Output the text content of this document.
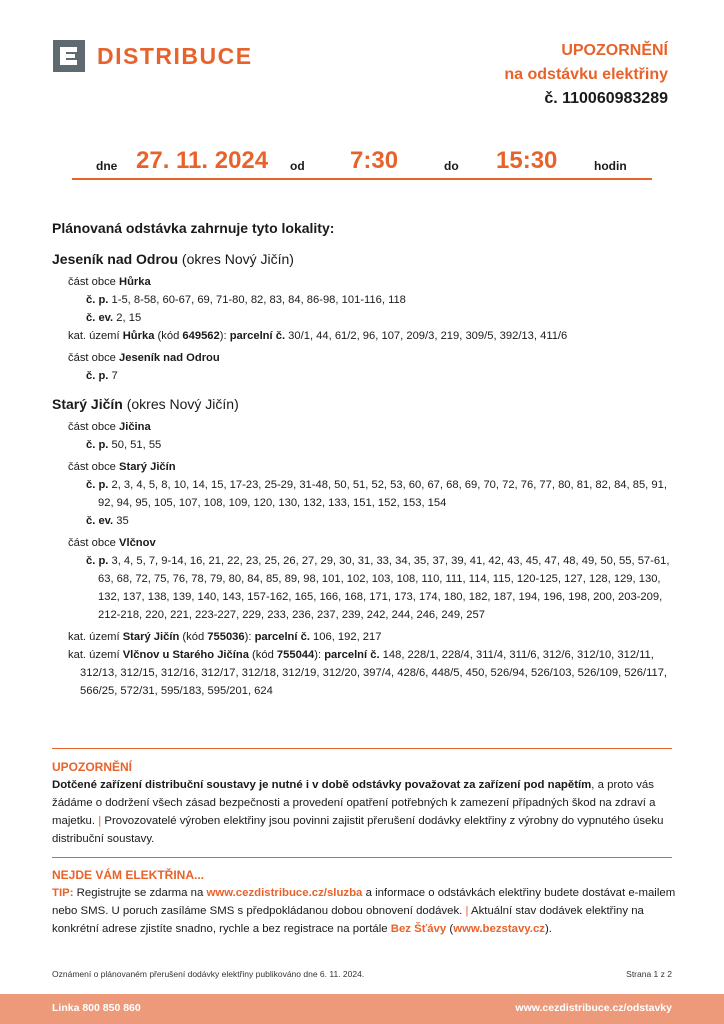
DISTRIBUCE	UPOZORNĚNÍ
na odstávku elektřiny
č. 110060983289
dne 27. 11. 2024 od 7:30	do 15:30	hodin
Plánovaná odstávka zahrnuje tyto lokality:
Jeseník nad Odrou (okres Nový Jičín)
část obce Hůrka
č. p. 1-5, 8-58, 60-67, 69, 71-80, 82, 83, 84, 86-98, 101-116, 118
č. ev. 2, 15
kat. území Hůrka (kód 649562): parcelní č. 30/1, 44, 61/2, 96, 107, 209/3, 219, 309/5, 392/13, 411/6
část obce Jeseník nad Odrou
č. p. 7
Starý Jičín (okres Nový Jičín)
část obce Jičina
č. p. 50, 51, 55
část obce Starý Jičín
č. p. 2, 3, 4, 5, 8, 10, 14, 15, 17-23, 25-29, 31-48, 50, 51, 52, 53, 60, 67, 68, 69, 70, 72, 76, 77, 80, 81, 82, 84, 85, 91, 92, 94, 95, 105, 107, 108, 109, 120, 130, 132, 133, 151, 152, 153, 154
č. ev. 35
část obce Vlčnov
č. p. 3, 4, 5, 7, 9-14, 16, 21, 22, 23, 25, 26, 27, 29, 30, 31, 33, 34, 35, 37, 39, 41, 42, 43, 45, 47, 48, 49, 50, 55, 57-61, 63, 68, 72, 75, 76, 78, 79, 80, 84, 85, 89, 98, 101, 102, 103, 108, 110, 111, 114, 115, 120-125, 127, 128, 129, 130, 132, 137, 138, 139, 140, 143, 157-162, 165, 166, 168, 171, 173, 174, 180, 182, 187, 194, 196, 198, 200, 203-209, 212-218, 220, 221, 223-227, 229, 233, 236, 237, 239, 242, 244, 246, 249, 257
kat. území Starý Jičín (kód 755036): parcelní č. 106, 192, 217
kat. území Vlčnov u Starého Jičína (kód 755044): parcelní č. 148, 228/1, 228/4, 311/4, 311/6, 312/6, 312/10, 312/11, 312/13, 312/15, 312/16, 312/17, 312/18, 312/19, 312/20, 397/4, 428/6, 448/5, 450, 526/94, 526/103, 526/109, 526/117, 566/25, 572/31, 595/183, 595/201, 624
UPOZORNĚNÍ
Dotčené zařízení distribuční soustavy je nutné i v době odstávky považovat za zařízení pod napětím, a proto vás žádáme o dodržení všech zásad bezpečnosti a provedení opatření potřebných k zamezení případných škod na zdraví a majetku. | Provozovatelé výroben elektřiny jsou povinni zajistit přerušení dodávky elektřiny z výrobny do vypnutého úseku distribuční soustavy.
NEJDE VÁM ELEKTŘINA...
TIP: Registrujte se zdarma na www.cezdistribuce.cz/sluzba a informace o odstávkách elektřiny budete dostávat e-mailem nebo SMS. U poruch zasíláme SMS s předpokládanou dobou obnovení dodávek. | Aktuální stav dodávek elektřiny na konkrétní adrese zjistíte snadno, rychle a bez registrace na portále Bez Šťávy (www.bezstavy.cz).
Oznámení o plánovaném přerušení dodávky elektřiny publikováno dne 6. 11. 2024.	Strana 1 z 2
Linka 800 850 860	www.cezdistribuce.cz/odstavky
